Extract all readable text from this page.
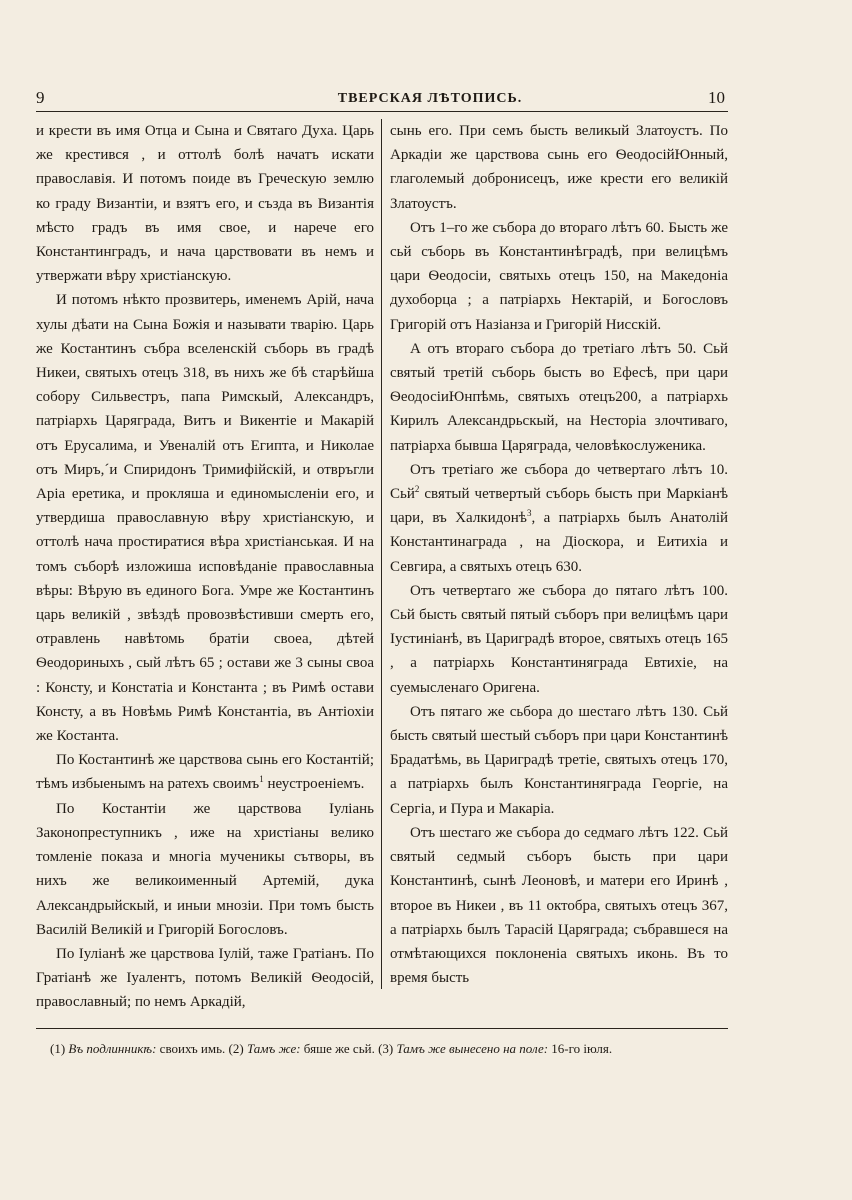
9	ТВЕРСКАЯ ЛѢТОПИСЬ.	10

и крести въ имя Отца и Сына и Святаго Духа. Царь же крестився , и оттолѣ болѣ начатъ искати православія. И потомъ поиде въ Греческую землю ко граду Византіи, и взятъ его, и създа въ Византія мѣсто градъ въ имя свое, и нарече его Константинградъ, и нача царствовати въ немъ и утвержати вѣру христіанскую.

И потомъ нѣкто прозвитерь, именемъ Арій, нача хулы дѣати на Сына Божія и называти тварію. Царь же Костантинъ събра вселенскій съборь въ градѣ Никеи, святыхъ отецъ 318, въ нихъ же бѣ старѣйша собору Сильвестръ, папа Римскый, Александръ, патріархь Царяграда, Витъ и Викентіе и Макарій отъ Ерусалима, и Увеналій отъ Египта, и Николае отъ Миръ,´и Спиридонъ Тримифійскій, и отвръгли Аріа еретика, и прокляша и единомысленіи его, и утвердиша православную вѣру христіанскую, и оттолѣ нача простиратися вѣра христіанськая. И на томъ съборѣ изложиша исповѣданіе православныа вѣры: Вѣрую въ единого Бога. Умре же Костантинъ царь великій , звѣздѣ провозвѣстивши смерть его, отравлень навѣтомь братіи своеа, дѣтей Ѳеодориныхъ , сый лѣтъ 65 ; остави же 3 сыны своа : Консту, и Констатіа и Константа ; въ Римѣ остави Консту, а въ Новѣмь Римѣ Константіа, въ Антіохіи же Костанта.

По Костантинѣ же царствова сынь его Костантій; тѣмъ избыенымъ на ратехъ своимъ$^1$ неустроеніемъ.

По Костантіи же царствова Іуліань Законопреступникъ , иже на христіаны велико томленіе показа и многіа мученикы сътворы, въ нихъ же великоименный Артемій, дука Александрыйскый, и иныи мнозіи. При томъ бысть Василій Великій и Григорій Богословъ.

По Іуліанѣ же царствова Іулій, таже Гратіанъ. По Гратіанѣ же Іуалентъ, потомъ Великій Ѳеодосій, православный; по немъ Аркадій,

сынь его. При семъ бысть великый Златоустъ. По Аркадіи же царствова сынь его ѲеодосійЮнный, глаголемый добронисецъ, иже крести его великій Златоустъ.

Отъ 1–го же съборa до втораго лѣтъ 60. Бысть же сьй съборь въ Константинѣградѣ, при велицѣмъ цари Ѳеодосіи, святыхь отецъ 150, на Македоніа духоборца ; а патріархь Нектарій, и Богословъ Григорій отъ Назіанза и Григорій Нисскій.

А отъ втораго събора до третіаго лѣтъ 50. Сьй святый третій съборь бысть во Ефесѣ, при цари ѲеодосіиЮнпѣмь, святыхъ отецъ200, а патріархь Кирилъ Александрьскый, на Несторіа злочтиваго, патріарха бывша Царяграда, человѣкослуженика.

Отъ третіаго же събора до четвертаго лѣтъ 10. Сьй$^2$ святый четвертый съборь бысть при Маркіанѣ цари, въ Халкидонѣ$^3$, а патріархь былъ Анатолій Константинаграда , на Діоскора, и Еитихіа и Севгира, а святыхъ отецъ 630.

Отъ четвертаго же събора до пятаго лѣтъ 100. Сьй бысть святый пятый съборъ при велицѣмъ цари Іустиніанѣ, въ Цариградѣ второе, святыхъ отецъ 165 , а патріархь Константиняграда Евтихіе, на суемысленаго Оригена.

Отъ пятаго же сьбора до шестагo лѣтъ 130. Сьй бысть святый шестый съборъ при цари Константинѣ Брадатѣмь, вь Цариградѣ третіе, святыхъ отецъ 170, а патріархь былъ Константиняграда Георгіе, на Сергіа, и Пура и Макаріа.

Отъ шестаго же събора до седмаго лѣтъ 122. Сьй святый седмый съборъ бысть при цари Константинѣ, сынѣ Леоновѣ, и матери его Иринѣ , второе въ Никеи , въ 11 октобра, святыхъ отецъ 367, а патріархь былъ Тарасій Царяграда; събравшеся на отмѣтающихся поклоненіа святыхъ иконь. Въ то время бысть

(1) Въ подлинникѣ: своихъ имь. (2) Тамъ же: бяше же сьй. (3) Тамъ же вынесено на поле: 16-го іюля.
